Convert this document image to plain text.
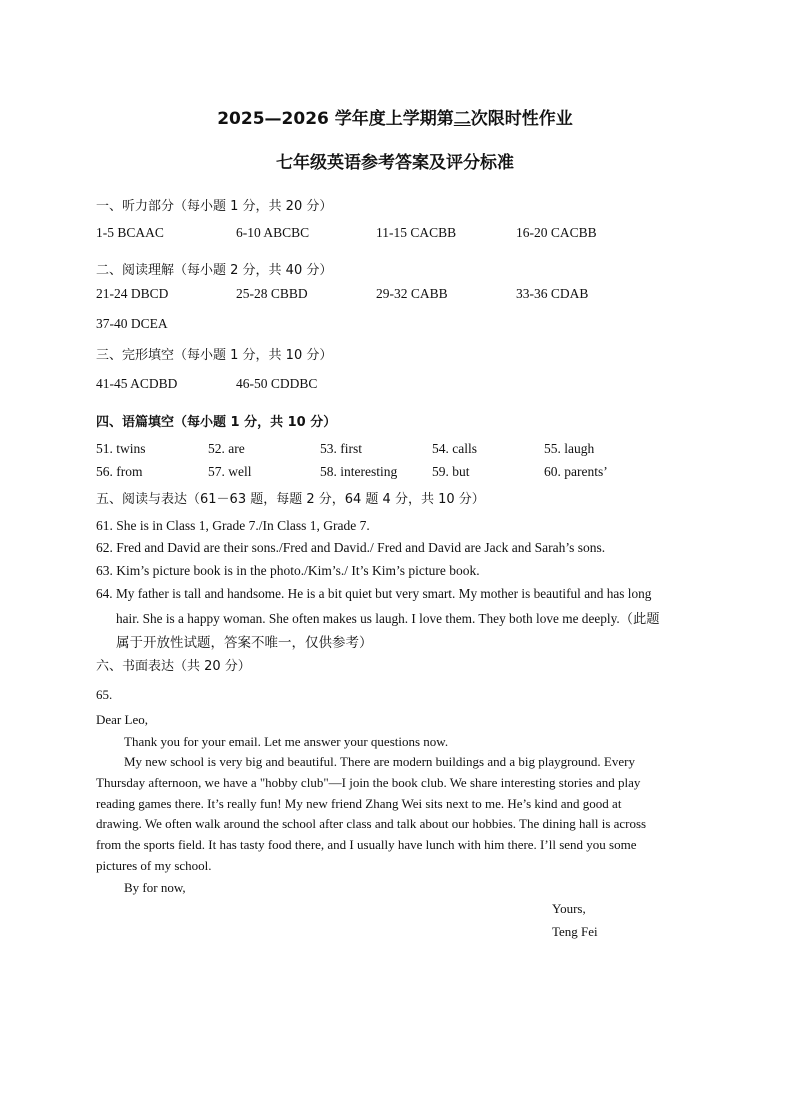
2025—2026 学年度上学期第二次限时性作业
七年级英语参考答案及评分标准
一、听力部分（每小题 1 分，共 20 分）
1-5 BCAAC	6-10 ABCBC	11-15 CACBB	16-20 CACBB
二、阅读理解（每小题 2 分，共 40 分）
21-24 DBCD	25-28 CBBD	29-32 CABB	33-36 CDAB
37-40 DCEA
三、完形填空（每小题 1 分，共 10 分）
41-45 ACDBD	46-50 CDDBC
四、语篇填空（每小题 1 分，共 10 分）
51. twins	52. are	53. first	54. calls	55. laugh
56. from	57. well	58. interesting	59. but	60. parents’
五、阅读与表达（61－63 题，每题 2 分，64 题 4 分，共 10 分）
61. She is in Class 1, Grade 7./In Class 1, Grade 7.
62. Fred and David are their sons./Fred and David./ Fred and David are Jack and Sarah’s sons.
63. Kim’s picture book is in the photo./Kim’s./ It’s Kim’s picture book.
64. My father is tall and handsome. He is a bit quiet but very smart. My mother is beautiful and has long
hair. She is a happy woman. She often makes us laugh. I love them. They both love me deeply.（此题
属于开放性试题，答案不唯一，仅供参考）
六、书面表达（共 20 分）
65.
Dear Leo,
Thank you for your email. Let me answer your questions now.

My new school is very big and beautiful. There are modern buildings and a big playground. Every

Thursday afternoon, we have a "hobby club"—I join the book club. We share interesting stories and play

reading games there. It’s really fun! My new friend Zhang Wei sits next to me. He’s kind and good at

drawing. We often walk around the school after class and talk about our hobbies. The dining hall is across

from the sports field. It has tasty food there, and I usually have lunch with him there. I’ll send you some

pictures of my school.

By for now,
Yours,
Teng Fei
